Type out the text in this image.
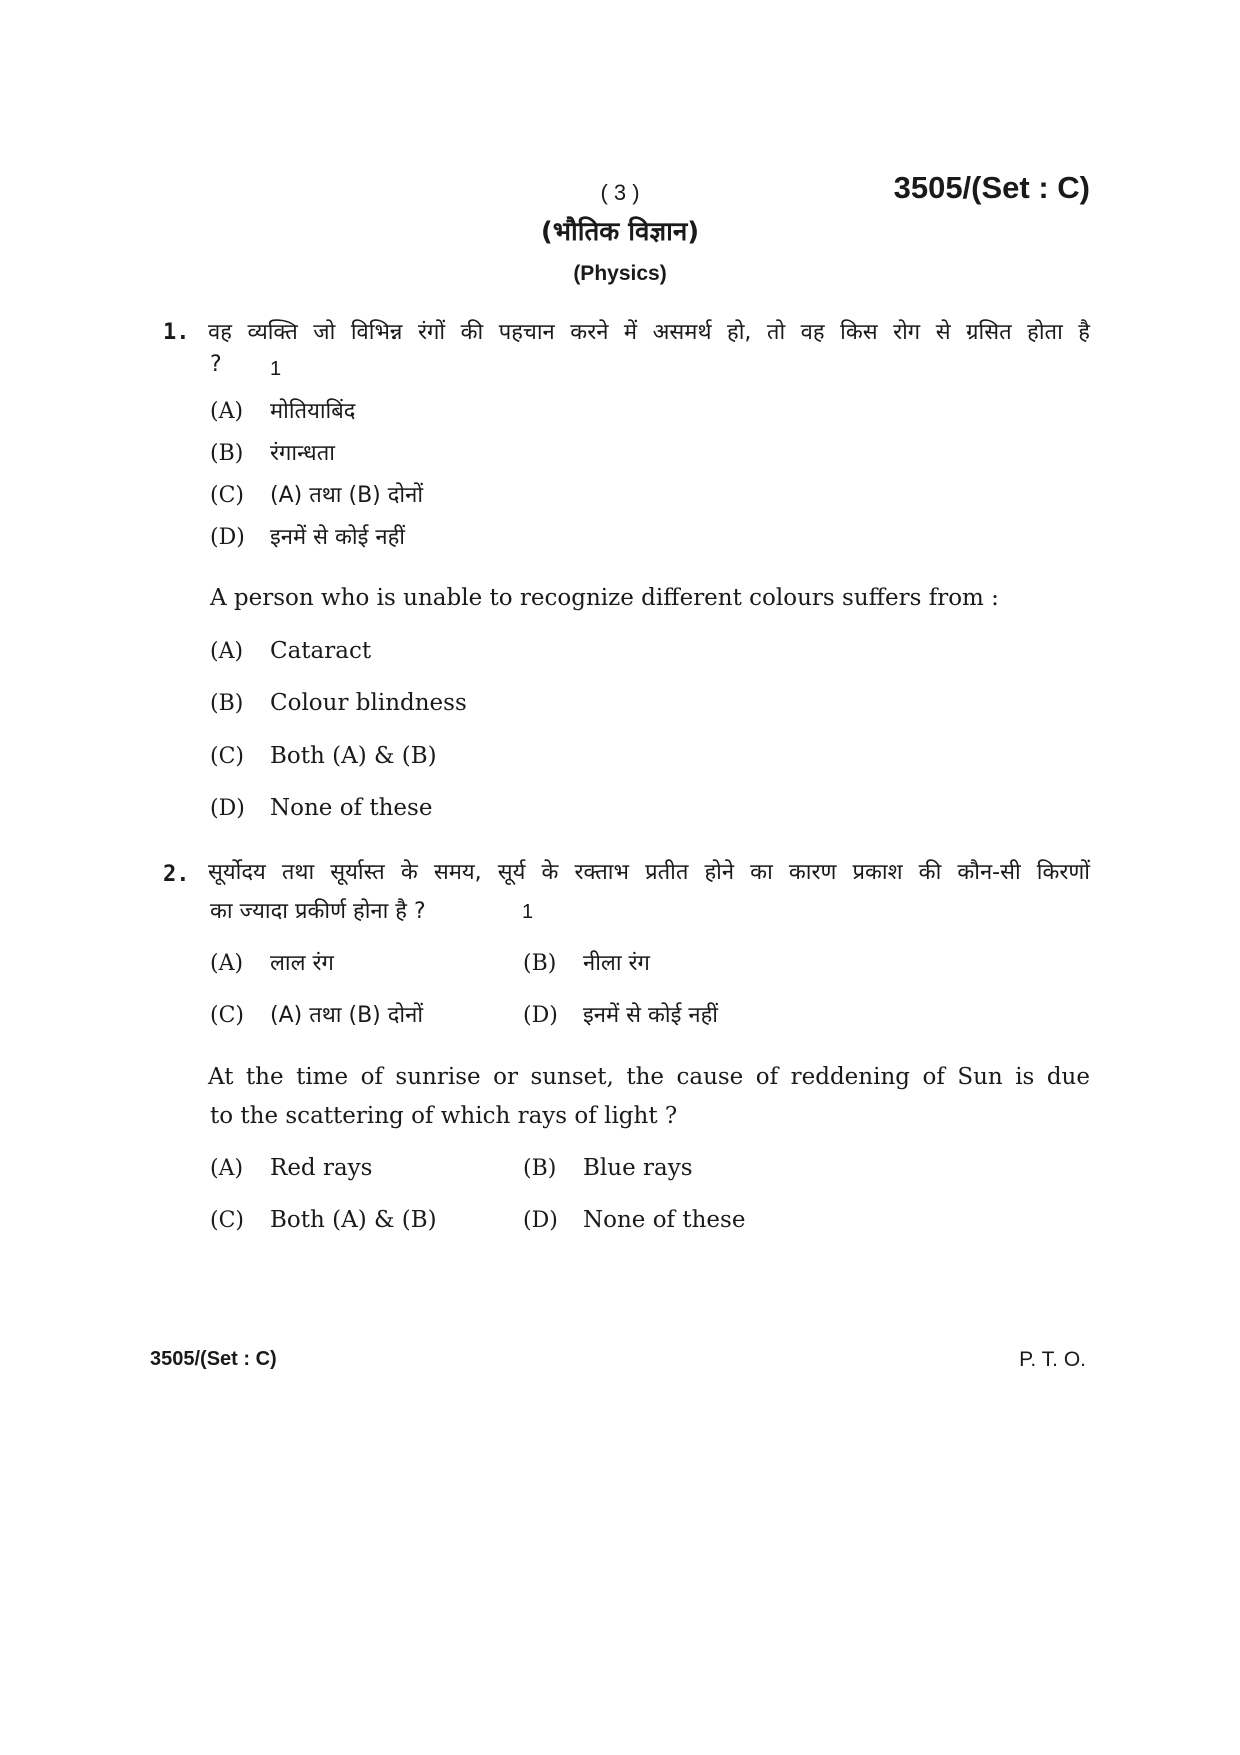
( 3 )	3505/(Set : C)
(भौतिक विज्ञान)
(Physics)
1. वह व्यक्ति जो विभिन्न रंगों की पहचान करने में असमर्थ हो, तो वह किस रोग से ग्रसित होता है
? 1
(A)	मोतियाबिंद
(B)	रंगान्धता
(C)	(A) तथा (B) दोनों
(D)	इनमें से कोई नहीं
A person who is unable to recognize different colours suffers from :
(A)	Cataract
(B)	Colour blindness
(C)	Both (A) & (B)
(D)	None of these
2. सूर्योदय तथा सूर्यास्त के समय, सूर्य के रक्ताभ प्रतीत होने का कारण प्रकाश की कौन-सी किरणों
का ज्यादा प्रकीर्ण होना है ?	1
(A)	लाल रंग	(B)	नीला रंग
(C)	(A) तथा (B) दोनों	(D)	इनमें से कोई नहीं
At the time of sunrise or sunset, the cause of reddening of Sun is due
to the scattering of which rays of light ?
(A)	Red rays	(B)	Blue rays
(C)	Both (A) & (B)	(D)	None of these
3505/(Set : C)	P. T. O.
